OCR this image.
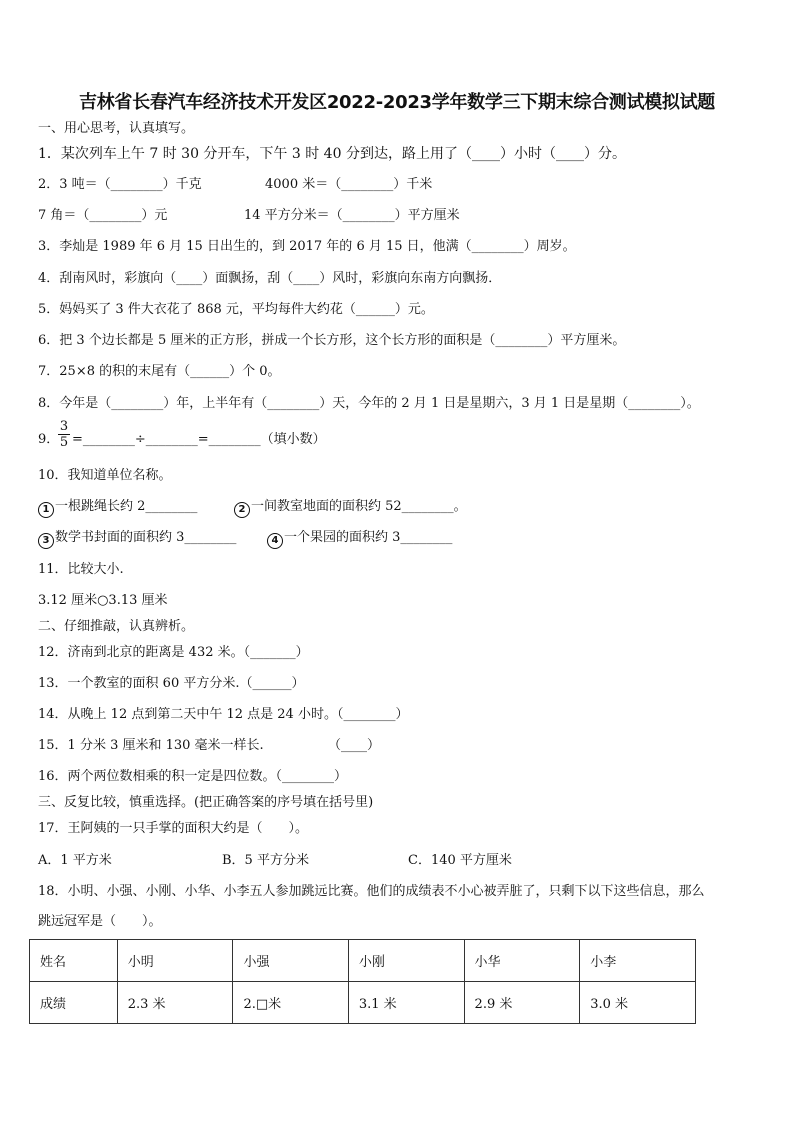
吉林省长春汽车经济技术开发区2022-2023学年数学三下期末综合测试模拟试题
一、用心思考，认真填写。
1．某次列车上午 7 时 30 分开车，下午 3 时 40 分到达，路上用了（____）小时（____）分。
2．3 吨＝（________）千克	4000 米＝（________）千米
7 角＝（________）元	14 平方分米＝（________）平方厘米
3．李灿是 1989 年 6 月 15 日出生的，到 2017 年的 6 月 15 日，他满（________）周岁。
4．刮南风时，彩旗向（____）面飘扬，刮（____）风时，彩旗向东南方向飘扬．
5．妈妈买了 3 件大衣花了 868 元，平均每件大约花（______）元。
6．把 3 个边长都是 5 厘米的正方形，拼成一个长方形，这个长方形的面积是（________）平方厘米。
7．25×8 的积的末尾有（______）个 0。
8．今年是（________）年，上半年有（________）天，今年的 2 月 1 日是星期六，3 月 1 日是星期（________）。
9．
$\frac{3}{5}$ =________÷________=________（填小数）
10．我知道单位名称。
1 一根跳绳长约 2________	2 一间教室地面的面积约 52________。
3 数学书封面的面积约 3________	4 一个果园的面积约 3________
11．比较大小.
3.12 厘米○3.13 厘米
二、仔细推敲，认真辨析。
12．济南到北京的距离是 432 米。（_______）
13．一个教室的面积 60 平方分米.（______）
14．从晚上 12 点到第二天中午 12 点是 24 小时。（________）
15．1 分米 3 厘米和 130 毫米一样长.	（____）
16．两个两位数相乘的积一定是四位数。（________）
三、反复比较，慎重选择。(把正确答案的序号填在括号里)
17．王阿姨的一只手掌的面积大约是（　　）。
A．1 平方米	B．5 平方分米	C．140 平方厘米
18．小明、小强、小刚、小华、小李五人参加跳远比赛。他们的成绩表不小心被弄脏了，只剩下以下这些信息，那么
跳远冠军是（　　）。
姓名	小明	小强	小刚	小华	小李
成绩	2.3 米	2.□米	3.1 米	2.9 米	3.0 米
